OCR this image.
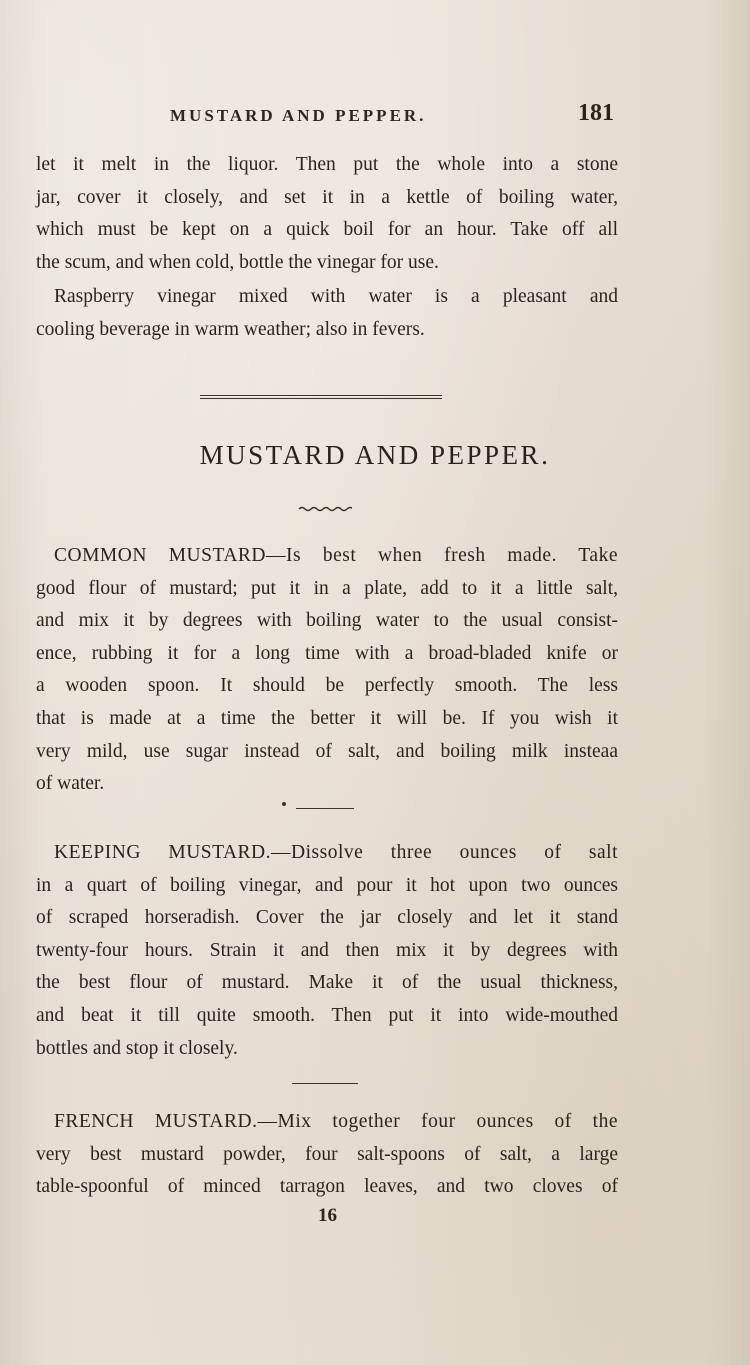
MUSTARD AND PEPPER.	181
let it melt in the liquor. Then put the whole into a stone
jar, cover it closely, and set it in a kettle of boiling water,
which must be kept on a quick boil for an hour. Take off all
the scum, and when cold, bottle the vinegar for use.
Raspberry vinegar mixed with water is a pleasant and
cooling beverage in warm weather; also in fevers.
MUSTARD AND PEPPER.
COMMON MUSTARD—Is best when fresh made. Take
good flour of mustard; put it in a plate, add to it a little salt,
and mix it by degrees with boiling water to the usual consist-
ence, rubbing it for a long time with a broad-bladed knife or
a wooden spoon. It should be perfectly smooth. The less
that is made at a time the better it will be. If you wish it
very mild, use sugar instead of salt, and boiling milk insteaa
of water.
KEEPING MUSTARD.—Dissolve three ounces of salt
in a quart of boiling vinegar, and pour it hot upon two ounces
of scraped horseradish. Cover the jar closely and let it stand
twenty-four hours. Strain it and then mix it by degrees with
the best flour of mustard. Make it of the usual thickness,
and beat it till quite smooth. Then put it into wide-mouthed
bottles and stop it closely.
FRENCH MUSTARD.—Mix together four ounces of the
very best mustard powder, four salt-spoons of salt, a large
table-spoonful of minced tarragon leaves, and two cloves of
16
